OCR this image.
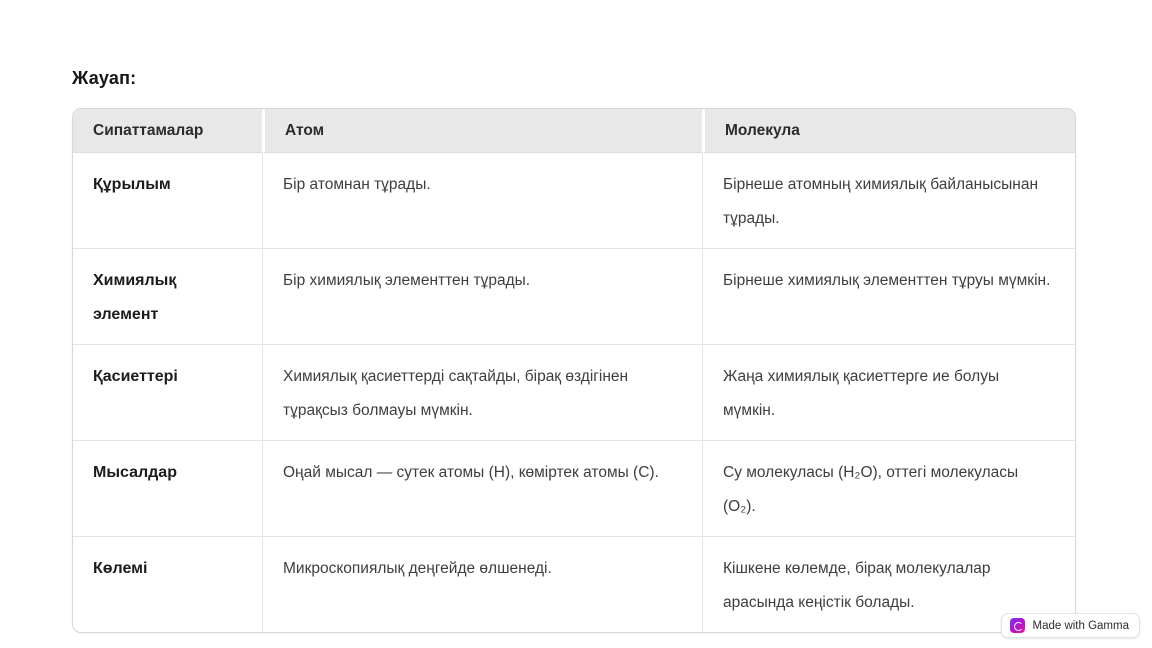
Жауап:
Сипаттамалар	Атом	Молекула
Құрылым	Бір атомнан тұрады.	Бірнеше атомның химиялық байланысынан тұрады.
Химиялық элемент	Бір химиялық элементтен тұрады.	Бірнеше химиялық элементтен тұруы мүмкін.
Қасиеттері	Химиялық қасиеттерді сақтайды, бірақ өздігінен тұрақсыз болмауы мүмкін.	Жаңа химиялық қасиеттерге ие болуы мүмкін.
Мысалдар	Оңай мысал — сутек атомы (H), көміртек атомы (C).	Су молекуласы (H₂O), оттегі молекуласы (O₂).
Көлемі	Микроскопиялық деңгейде өлшенеді.	Кішкене көлемде, бірақ молекулалар арасында кеңістік болады.
Made with Gamma
